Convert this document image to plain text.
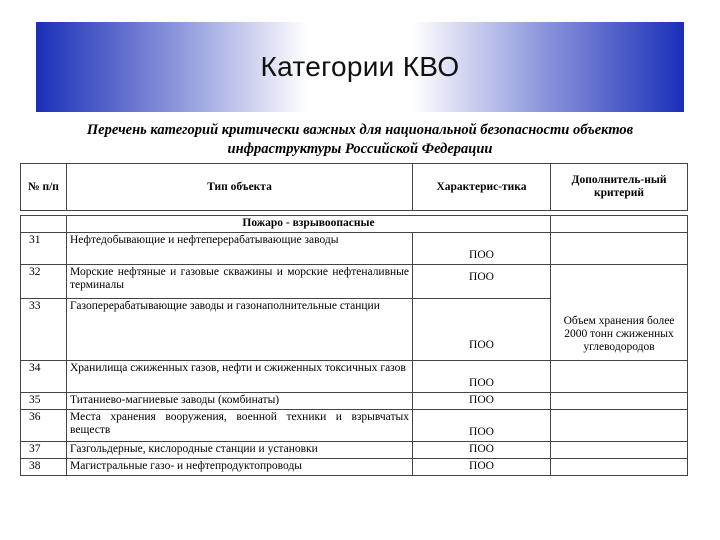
Категории КВО
Перечень категорий критически важных для национальной безопасности объектов
инфраструктуры Российской Федерации
№ п/п	Тип объекта	Характерис-тика	Дополнитель-ный критерий

	Пожаро - взрывоопасные		
31	Нефтедобывающие и нефтеперерабатывающие заводы	ПОО	
32	Морские нефтяные и газовые скважины и морские нефтеналивные терминалы	ПОО	Объем хранения более 2000 тонн сжиженных углеводородов
33	Газоперерабатывающие заводы и газонаполнительные станции	ПОО	
34	Хранилища сжиженных газов, нефти и сжиженных токсичных газов	ПОО	
35	Титаниево-магниевые заводы (комбинаты)	ПОО	
36	Места хранения вооружения, военной техники и взрывчатых веществ	ПОО	
37	Газгольдерные, кислородные станции и установки	ПОО	
38	Магистральные газо- и нефтепродуктопроводы	ПОО	
